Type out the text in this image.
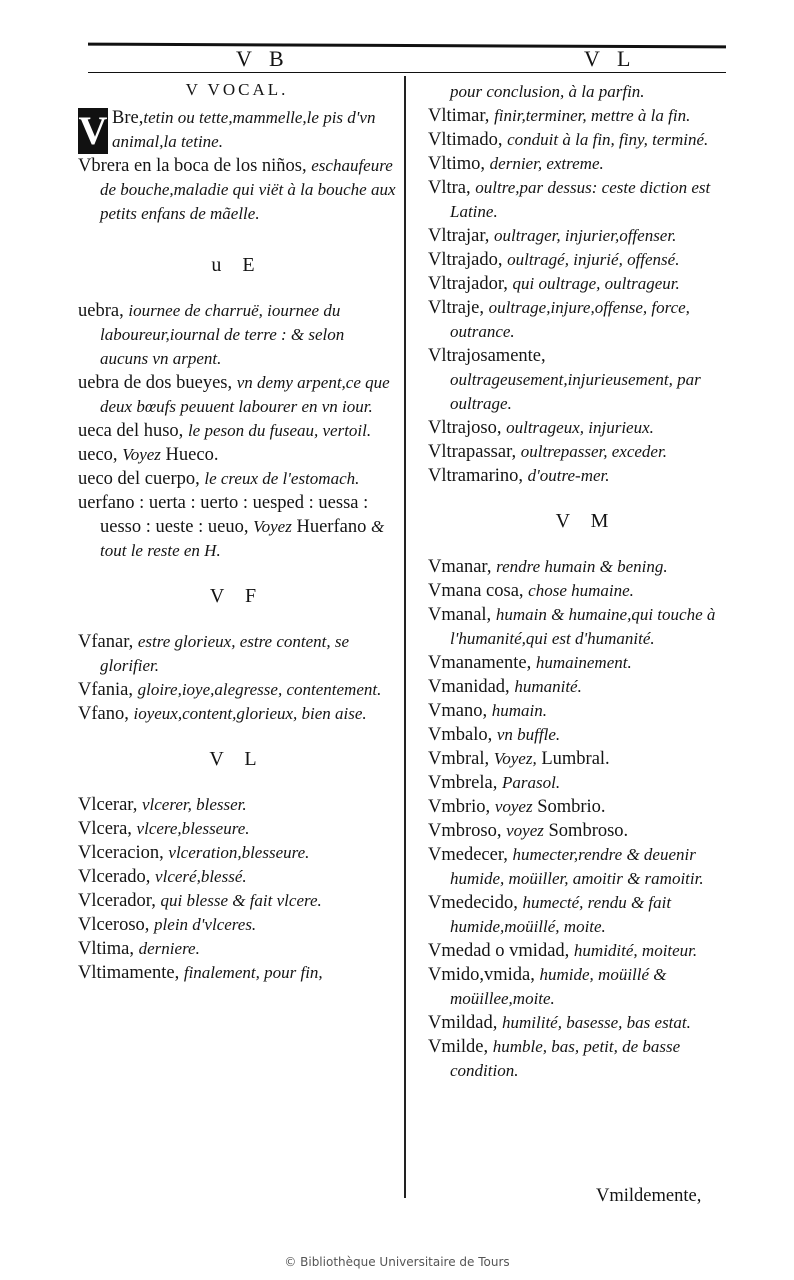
V B	V L

V VOCAL.

V Bre,tetin ou tette,mammelle,le pis d'vn animal,la tetine.

Vbrera en la boca de los niños, eschaufeure de bouche,maladie qui viët à la bouche aux petits enfans de mãelle.

u E

uebra, iournee de charruë, iournee du laboureur,iournal de terre : & selon aucuns vn arpent.

uebra de dos bueyes, vn demy arpent,ce que deux bœufs peuuent labourer en vn iour.

ueca del huso, le peson du fuseau, vertoil.

ueco, Voyez Hueco.

ueco del cuerpo, le creux de l'estomach.

uerfano : uerta : uerto : uesped : uessa : uesso : ueste : ueuo, Voyez Huerfano & tout le reste en H.

V F

Vfanar, estre glorieux, estre content, se glorifier.

Vfania, gloire,ioye,alegresse, contentement.

Vfano, ioyeux,content,glorieux, bien aise.

V L

Vlcerar, vlcerer, blesser.

Vlcera, vlcere,blesseure.

Vlceracion, vlceration,blesseure.

Vlcerado, vlceré,blessé.

Vlcerador, qui blesse & fait vlcere.

Vlceroso, plein d'vlceres.

Vltima, derniere.

Vltimamente, finalement, pour fin,

pour conclusion, à la parfin.

Vltimar, finir,terminer, mettre à la fin.

Vltimado, conduit à la fin, finy, terminé.

Vltimo, dernier, extreme.

Vltra, oultre,par dessus: ceste diction est Latine.

Vltrajar, oultrager, injurier,offenser.

Vltrajado, oultragé, injurié, offensé.

Vltrajador, qui oultrage, oultrageur.

Vltraje, oultrage,injure,offense, force, outrance.

Vltrajosamente, oultrageusement,injurieusement, par oultrage.

Vltrajoso, oultrageux, injurieux.

Vltrapassar, oultrepasser, exceder.

Vltramarino, d'outre-mer.

V M

Vmanar, rendre humain & bening.

Vmana cosa, chose humaine.

Vmanal, humain & humaine,qui touche à l'humanité,qui est d'humanité.

Vmanamente, humainement.

Vmanidad, humanité.

Vmano, humain.

Vmbalo, vn buffle.

Vmbral, Voyez, Lumbral.

Vmbrela, Parasol.

Vmbrio, voyez Sombrio.

Vmbroso, voyez Sombroso.

Vmedecer, humecter,rendre & deuenir humide, moüiller, amoitir & ramoitir.

Vmedecido, humecté, rendu & fait humide,moüillé, moite.

Vmedad o vmidad, humidité, moiteur.

Vmido,vmida, humide, moüillé & moüillee,moite.

Vmildad, humilité, basesse, bas estat.

Vmilde, humble, bas, petit, de basse condition.

Vmildemente,
© Bibliothèque Universitaire de Tours
